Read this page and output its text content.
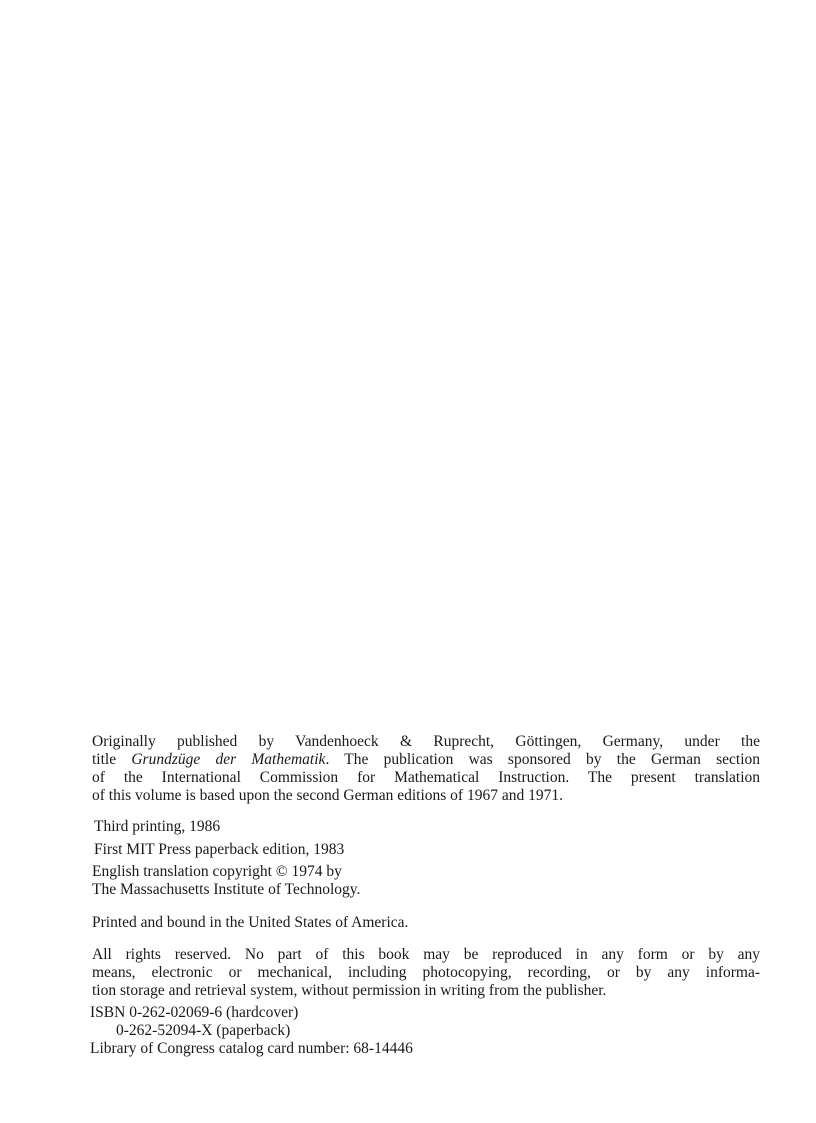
Originally published by Vandenhoeck & Ruprecht, Göttingen, Germany, under the
title Grundzüge der Mathematik. The publication was sponsored by the German section
of the International Commission for Mathematical Instruction. The present translation
of this volume is based upon the second German editions of 1967 and 1971.
Third printing, 1986
First MIT Press paperback edition, 1983
English translation copyright © 1974 by
The Massachusetts Institute of Technology.
Printed and bound in the United States of America.
All rights reserved. No part of this book may be reproduced in any form or by any
means, electronic or mechanical, including photocopying, recording, or by any informa-
tion storage and retrieval system, without permission in writing from the publisher.
ISBN 0-262-02069-6 (hardcover)
0-262-52094-X (paperback)
Library of Congress catalog card number: 68-14446
